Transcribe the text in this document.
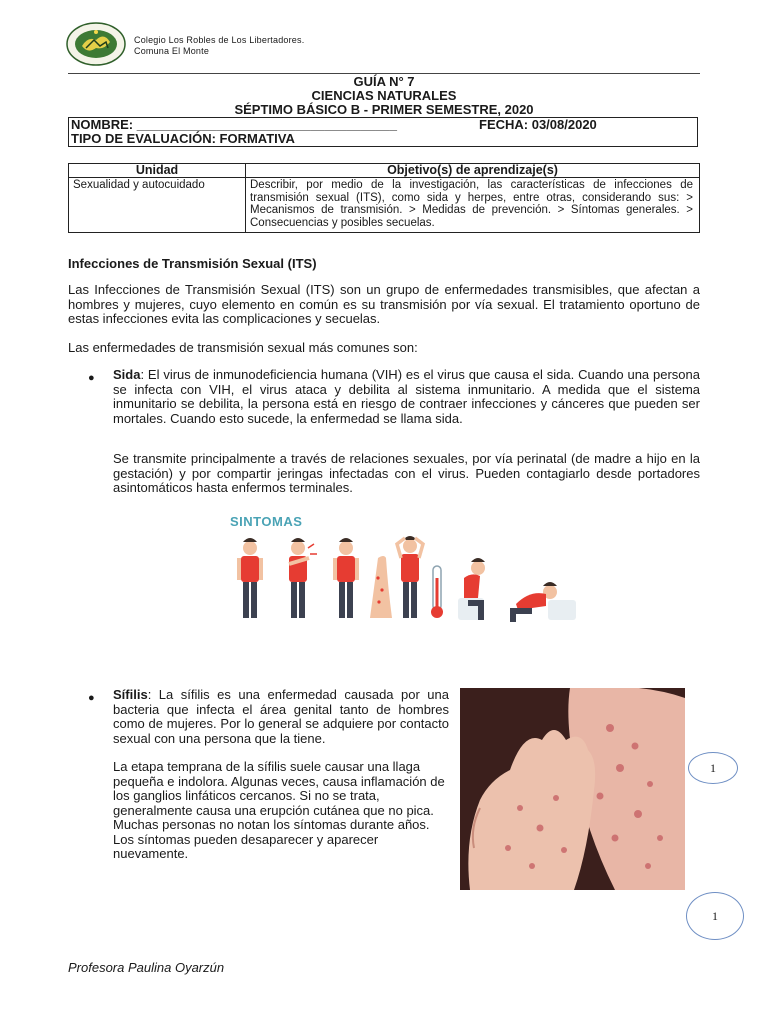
Colegio Los Robles de Los Libertadores.
Comuna El Monte
GUÍA N° 7
CIENCIAS NATURALES
SÉPTIMO BÁSICO B - PRIMER SEMESTRE, 2020
NOMBRE: ____________________________________	FECHA: 03/08/2020
TIPO DE EVALUACIÓN: FORMATIVA
Unidad	Objetivo(s) de aprendizaje(s)
Sexualidad y autocuidado	Describir, por medio de la investigación, las características de infecciones de transmisión sexual (ITS), como sida y herpes, entre otras, considerando sus: > Mecanismos de transmisión. > Medidas de prevención. > Síntomas generales. > Consecuencias y posibles secuelas.
Infecciones de Transmisión Sexual (ITS)
Las Infecciones de Transmisión Sexual (ITS) son un grupo de enfermedades transmisibles, que afectan a hombres y mujeres, cuyo elemento en común es su transmisión por vía sexual. El tratamiento oportuno de estas infecciones evita las complicaciones y secuelas.
Las enfermedades de transmisión sexual más comunes son:
● Sida: El virus de inmunodeficiencia humana (VIH) es el virus que causa el sida. Cuando una persona se infecta con VIH, el virus ataca y debilita al sistema inmunitario. A medida que el sistema inmunitario se debilita, la persona está en riesgo de contraer infecciones y cánceres que pueden ser mortales. Cuando esto sucede, la enfermedad se llama sida.
Se transmite principalmente a través de relaciones sexuales, por vía perinatal (de madre a hijo en la gestación) y por compartir jeringas infectadas con el virus. Pueden contagiarlo desde portadores asintomáticos hasta enfermos terminales.
SINTOMAS
● Sífilis: La sífilis es una enfermedad causada por una bacteria que infecta el área genital tanto de hombres como de mujeres. Por lo general se adquiere por contacto sexual con una persona que la tiene.
La etapa temprana de la sífilis suele causar una llaga pequeña e indolora. Algunas veces, causa inflamación de los ganglios linfáticos cercanos. Si no se trata, generalmente causa una erupción cutánea que no pica. Muchas personas no notan los síntomas durante años. Los síntomas pueden desaparecer y aparecer nuevamente.
1
1
Profesora Paulina Oyarzún
